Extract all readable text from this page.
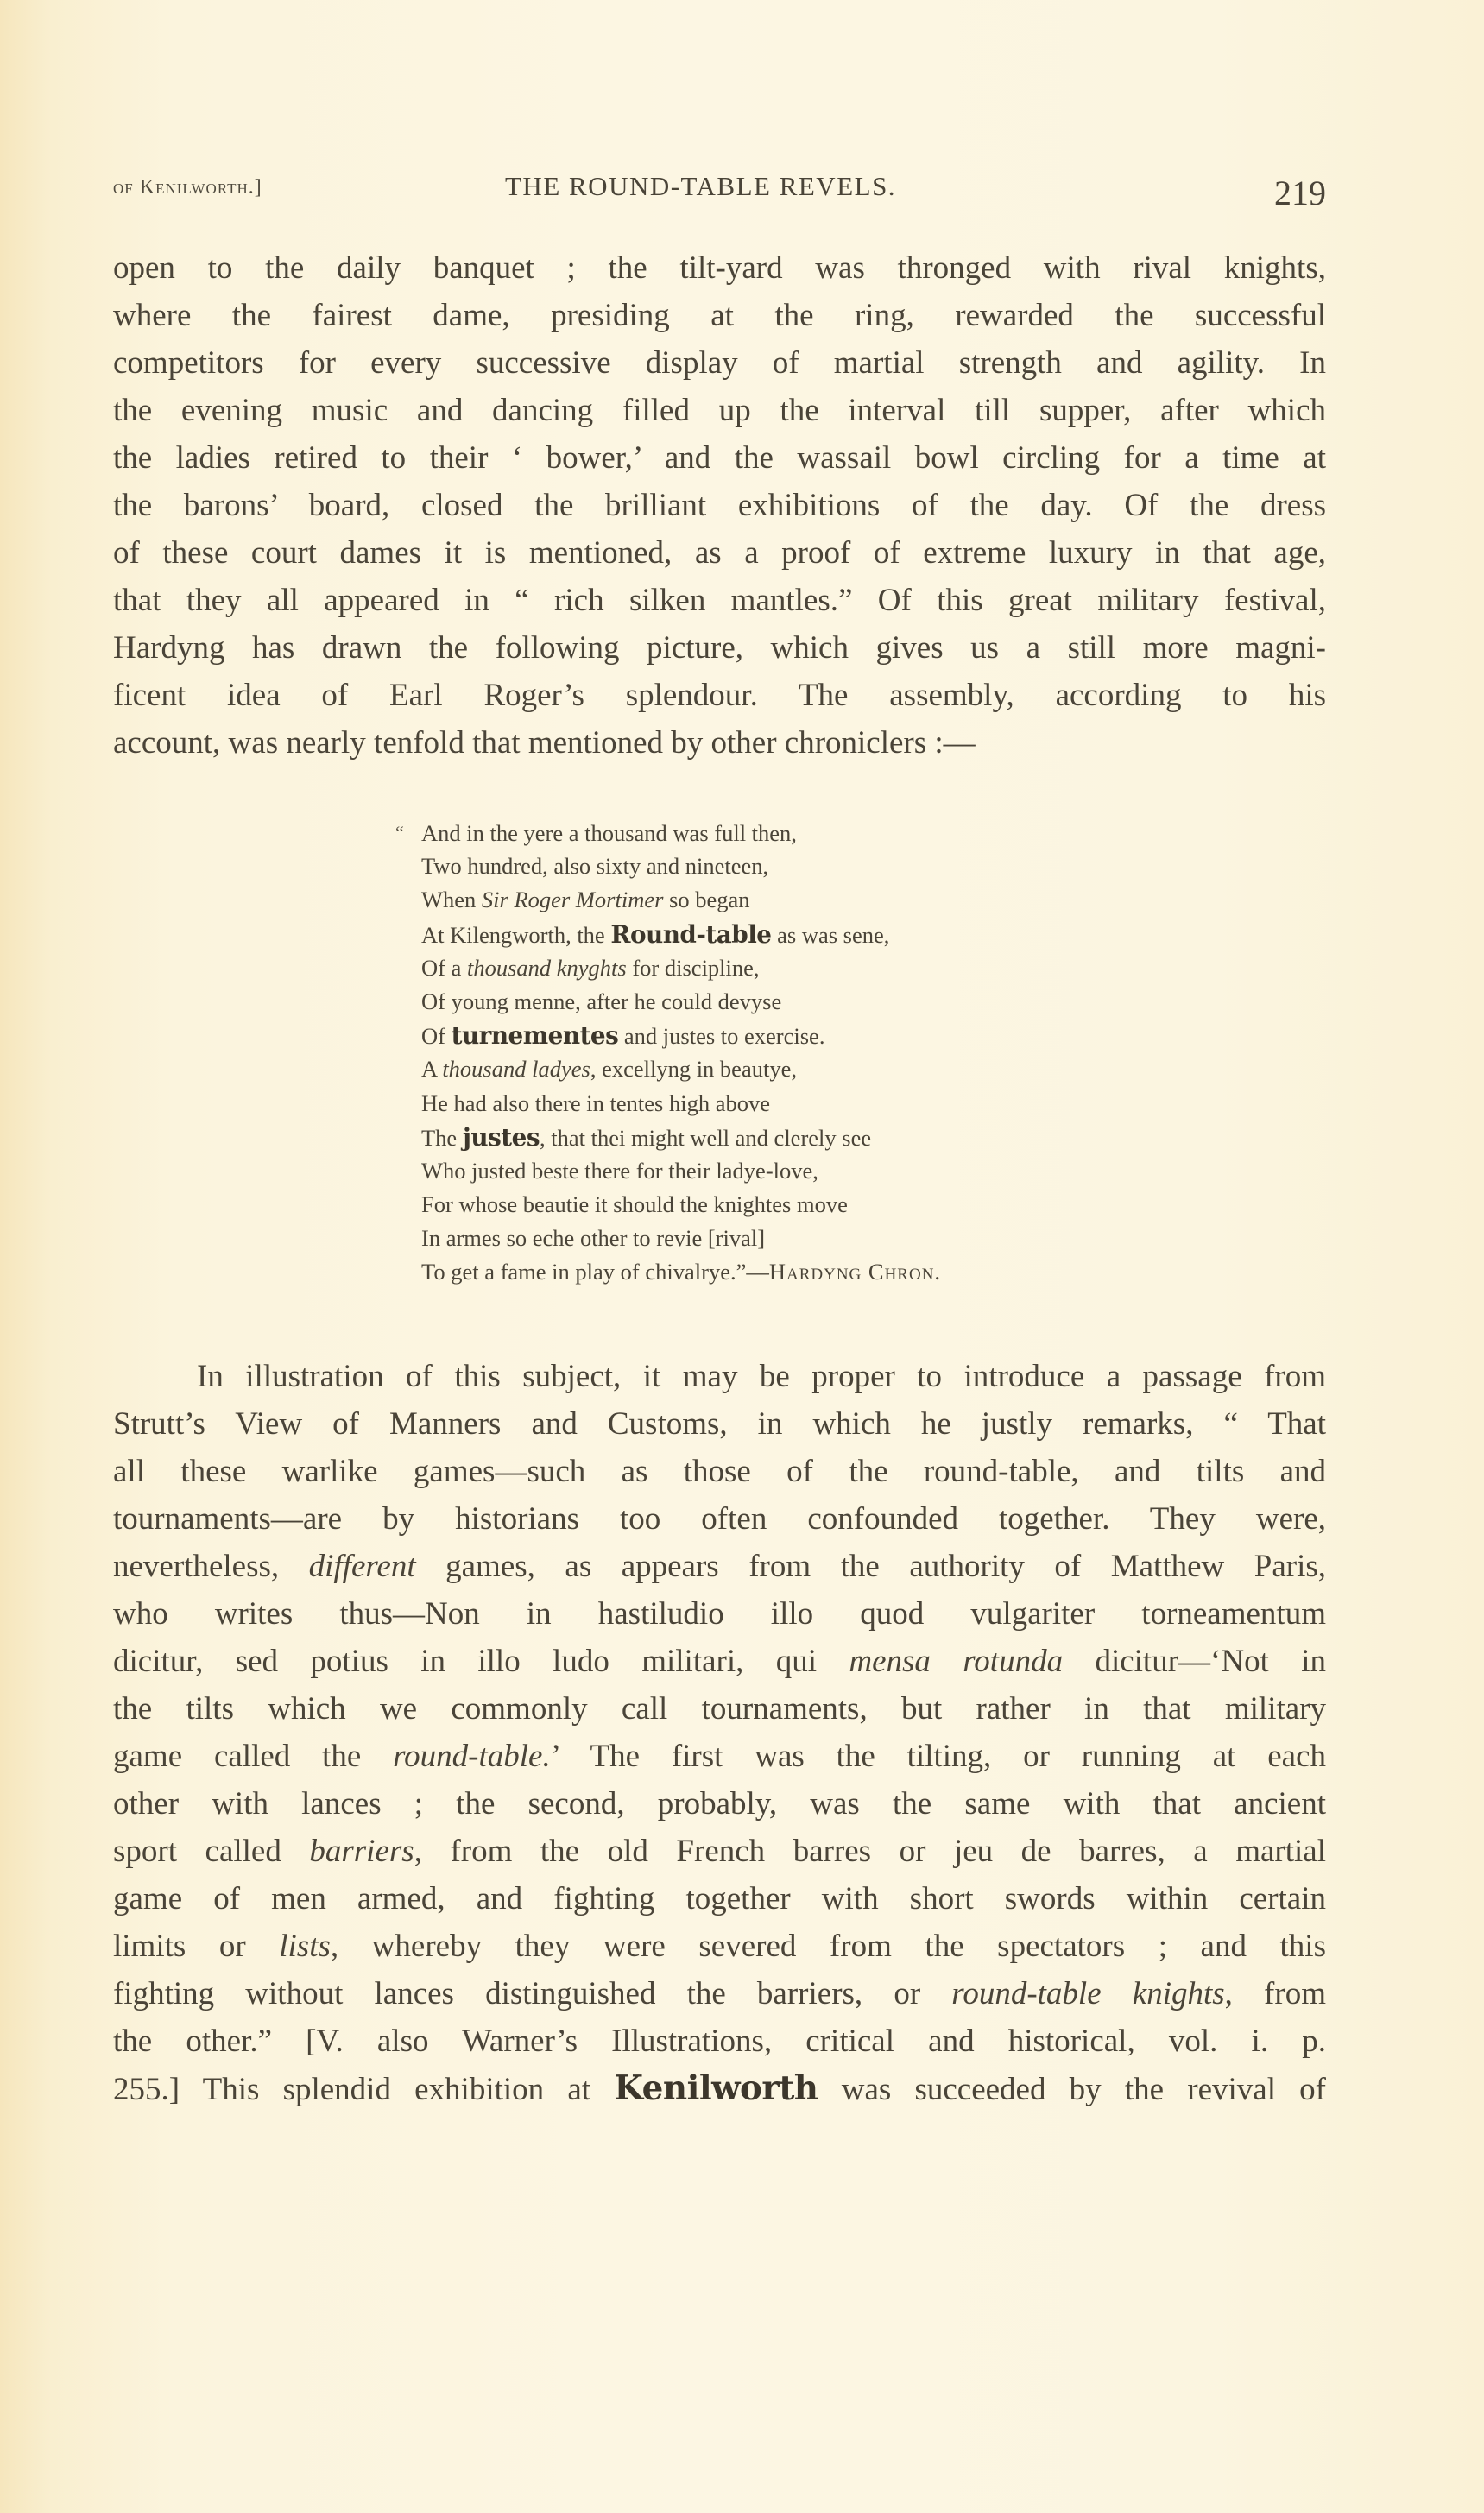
of Kenilworth.]	THE ROUND-TABLE REVELS.	219
open to the daily banquet ; the tilt-yard was thronged with rival knights,
where the fairest dame, presiding at the ring, rewarded the successful
competitors for every successive display of martial strength and agility. In
the evening music and dancing filled up the interval till supper, after which
the ladies retired to their ‘ bower,’ and the wassail bowl circling for a time at
the barons’ board, closed the brilliant exhibitions of the day. Of the dress
of these court dames it is mentioned, as a proof of extreme luxury in that age,
that they all appeared in “ rich silken mantles.” Of this great military festival,
Hardyng has drawn the following picture, which gives us a still more magni-
ficent idea of Earl Roger’s splendour. The assembly, according to his
account, was nearly tenfold that mentioned by other chroniclers :—
“ And in the yere a thousand was full then,
Two hundred, also sixty and nineteen,
When Sir Roger Mortimer so began
At Kilengworth, the Round-table as was sene,
Of a thousand knyghts for discipline,
Of young menne, after he could devyse
Of turnementes and justes to exercise.
A thousand ladyes, excellyng in beautye,
He had also there in tentes high above
The justes, that thei might well and clerely see
Who justed beste there for their ladye-love,
For whose beautie it should the knightes move
In armes so eche other to revie [rival]
To get a fame in play of chivalrye.”—Hardyng Chron.
In illustration of this subject, it may be proper to introduce a passage from
Strutt’s View of Manners and Customs, in which he justly remarks, “ That
all these warlike games—such as those of the round-table, and tilts and
tournaments—are by historians too often confounded together. They were,
nevertheless, different games, as appears from the authority of Matthew Paris,
who writes thus—Non in hastiludio illo quod vulgariter torneamentum
dicitur, sed potius in illo ludo militari, qui mensa rotunda dicitur—‘Not in
the tilts which we commonly call tournaments, but rather in that military
game called the round-table.’ The first was the tilting, or running at each
other with lances ; the second, probably, was the same with that ancient
sport called barriers, from the old French barres or jeu de barres, a martial
game of men armed, and fighting together with short swords within certain
limits or lists, whereby they were severed from the spectators ; and this
fighting without lances distinguished the barriers, or round-table knights, from
the other.” [V. also Warner’s Illustrations, critical and historical, vol. i. p.
255.] This splendid exhibition at Kenilworth was succeeded by the revival of
